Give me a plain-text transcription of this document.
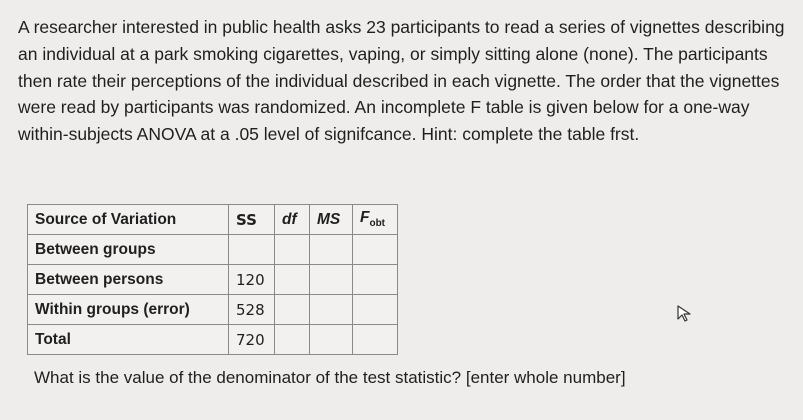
A researcher interested in public health asks 23 participants to read a series of vignettes describing an individual at a park smoking cigarettes, vaping, or simply sitting alone (none). The participants then rate their perceptions of the individual described in each vignette. The order that the vignettes were read by participants was randomized. An incomplete F table is given below for a one-way within-subjects ANOVA at a .05 level of signifcance. Hint: complete the table frst.

Source of Variation	SS	df	MS	$F_{obt}$
Between groups				
Between persons	120			
Within groups (error)	528			
Total	720			

What is the value of the denominator of the test statistic? [enter whole number]
